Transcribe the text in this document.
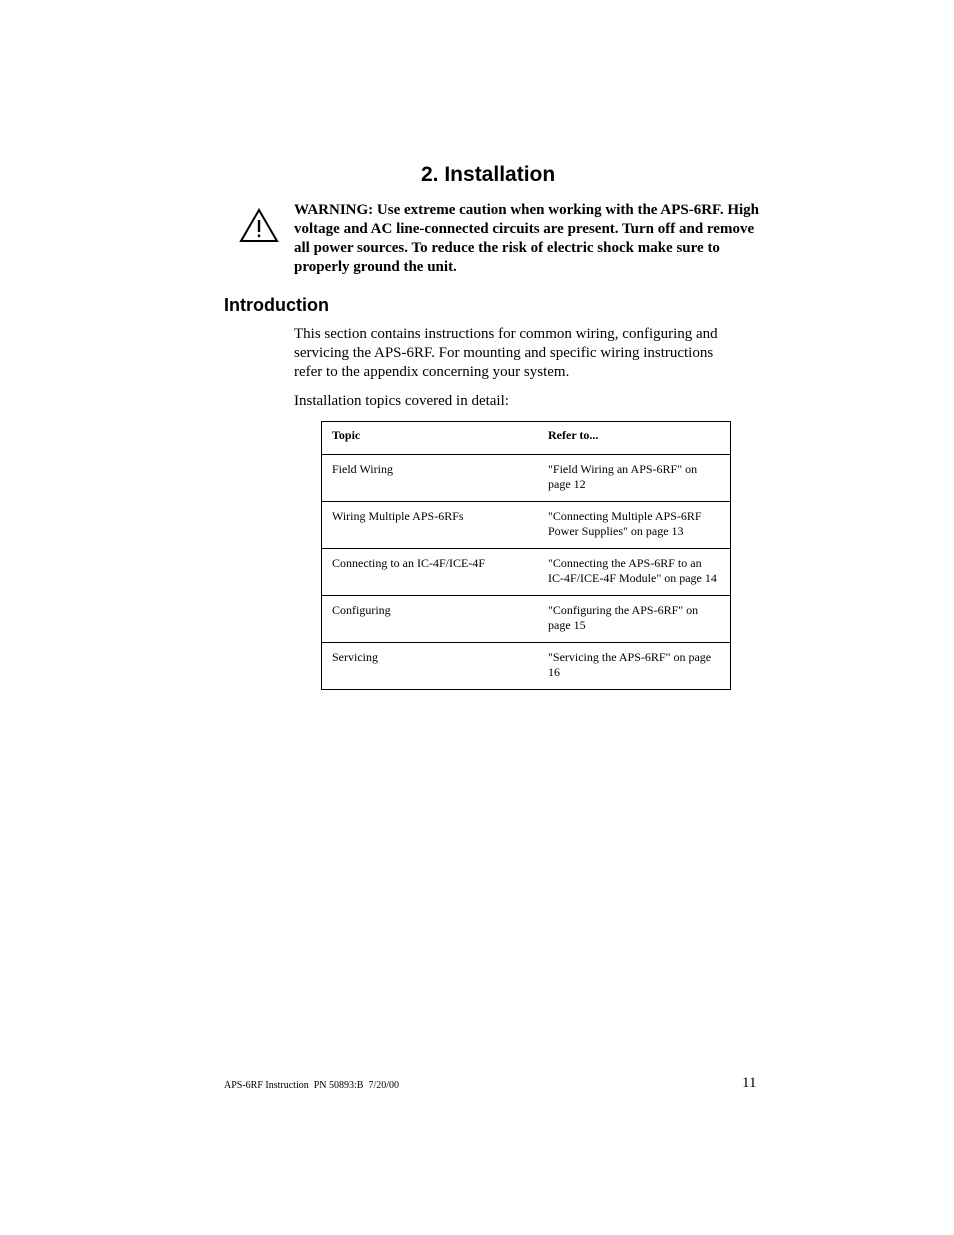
2. Installation

WARNING: Use extreme caution when working with the APS-6RF. High voltage and AC line-connected circuits are present. Turn off and remove all power sources. To reduce the risk of electric shock make sure to properly ground the unit.

Introduction

This section contains instructions for common wiring, configuring and servicing the APS-6RF. For mounting and specific wiring instructions refer to the appendix concerning your system.

Installation topics covered in detail:

Topic	Refer to...
Field Wiring	"Field Wiring an APS-6RF" on page 12
Wiring Multiple APS-6RFs	"Connecting Multiple APS-6RF Power Supplies" on page 13
Connecting to an IC-4F/ICE-4F	"Connecting the APS-6RF to an IC-4F/ICE-4F Module" on page 14
Configuring	"Configuring the APS-6RF" on page 15
Servicing	"Servicing the APS-6RF" on page 16

APS-6RF Instruction  PN 50893:B  7/20/00	11
